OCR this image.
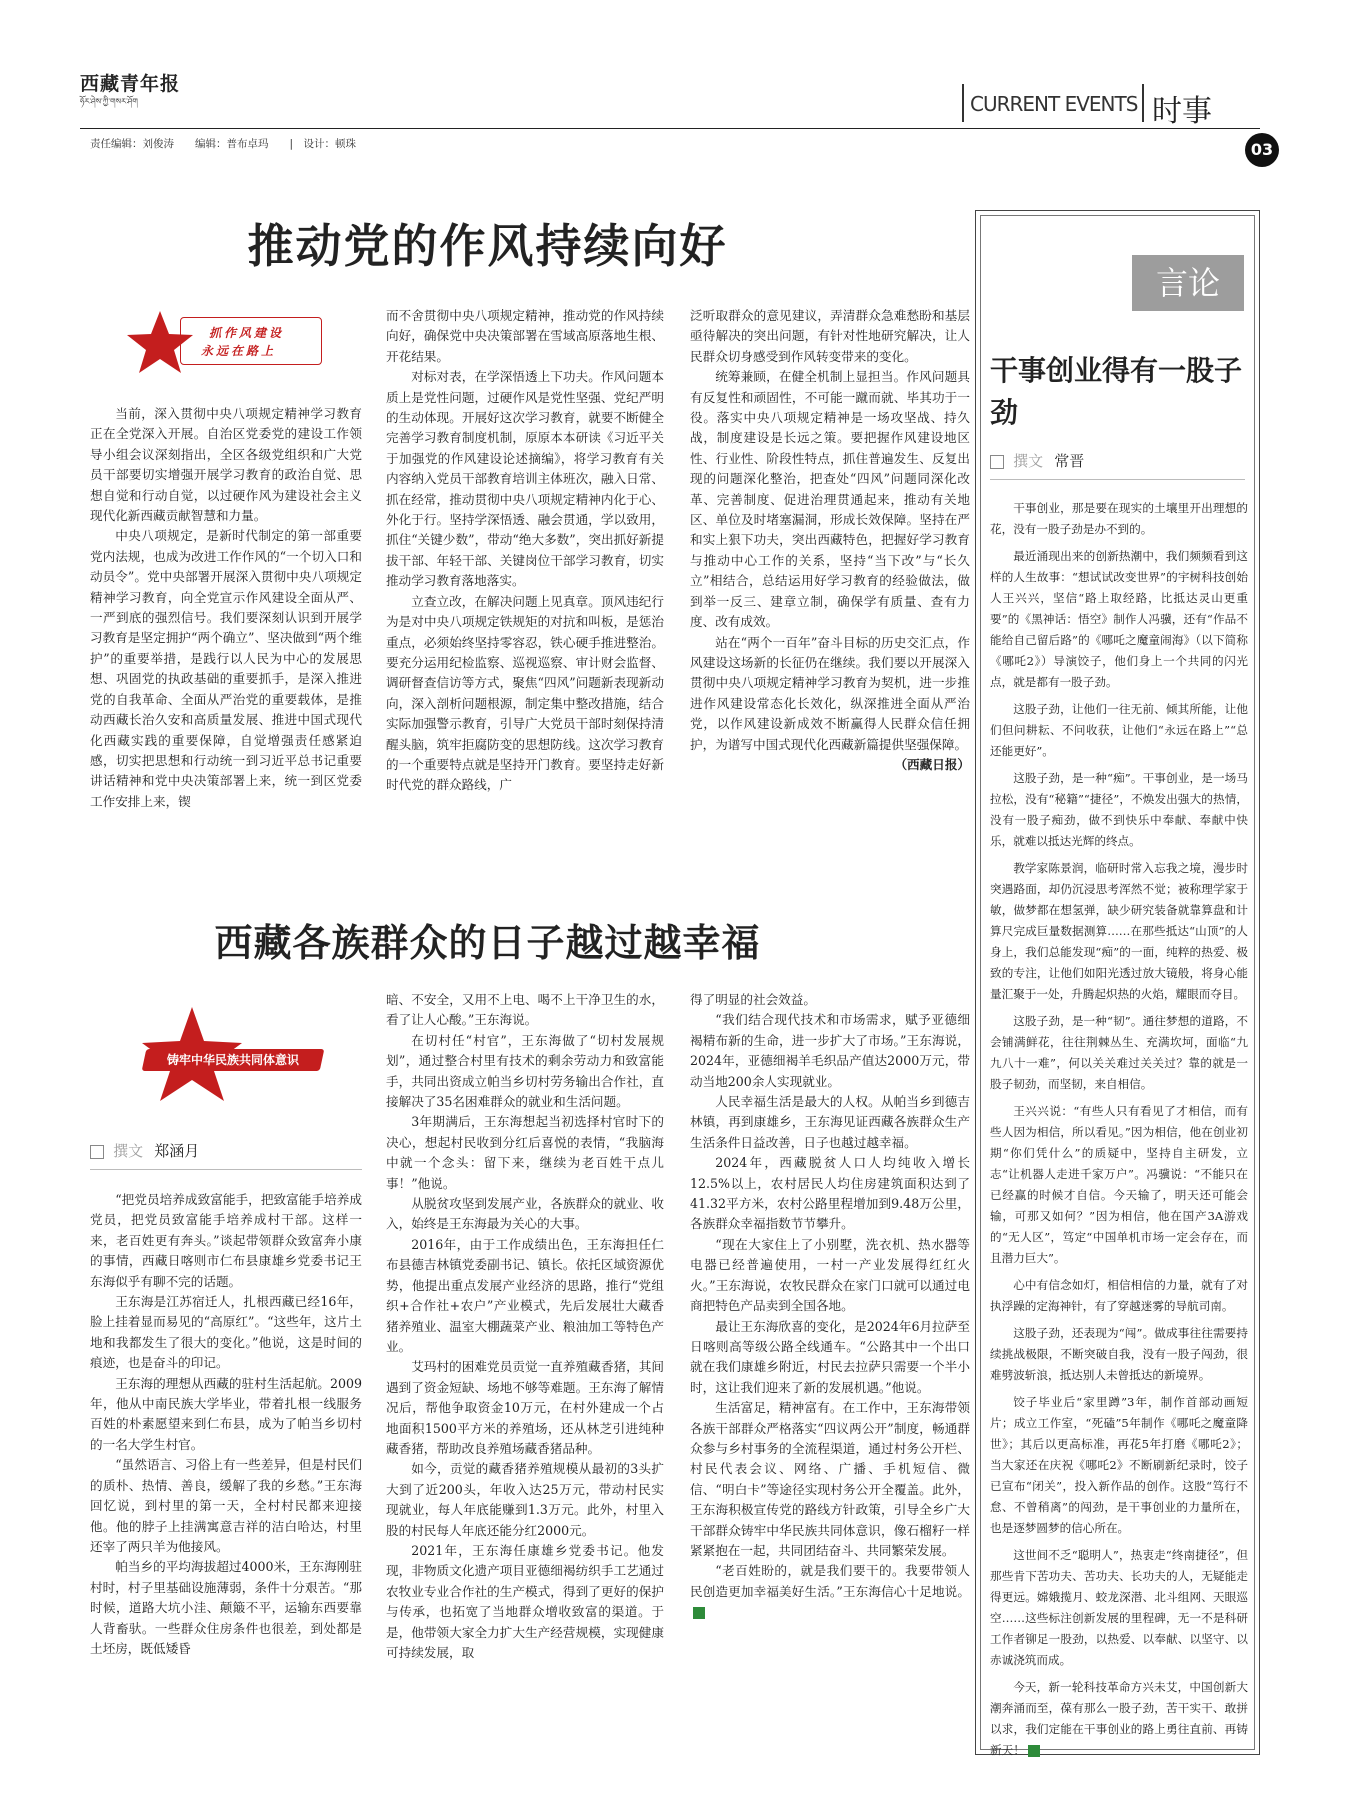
西藏青年报
ཧོར་ཤེས་ཀྱི་གསར་ཤོག
责任编辑：刘俊涛　　编辑：普布卓玛　　|　设计：顿珠
CURRENT EVENTS 时事
03
推动党的作风持续向好
抓作风建设
永远在路上

当前，深入贯彻中央八项规定精神学习教育正在全党深入开展。自治区党委党的建设工作领导小组会议深刻指出，全区各级党组织和广大党员干部要切实增强开展学习教育的政治自觉、思想自觉和行动自觉，以过硬作风为建设社会主义现代化新西藏贡献智慧和力量。

中央八项规定，是新时代制定的第一部重要党内法规，也成为改进工作作风的“一个切入口和动员令”。党中央部署开展深入贯彻中央八项规定精神学习教育，向全党宣示作风建设全面从严、一严到底的强烈信号。我们要深刻认识到开展学习教育是坚定拥护“两个确立”、坚决做到“两个维护”的重要举措，是践行以人民为中心的发展思想、巩固党的执政基础的重要抓手，是深入推进党的自我革命、全面从严治党的重要载体，是推动西藏长治久安和高质量发展、推进中国式现代化西藏实践的重要保障，自觉增强责任感紧迫感，切实把思想和行动统一到习近平总书记重要讲话精神和党中央决策部署上来，统一到区党委工作安排上来，锲

而不舍贯彻中央八项规定精神，推动党的作风持续向好，确保党中央决策部署在雪域高原落地生根、开花结果。

对标对表，在学深悟透上下功夫。作风问题本质上是党性问题，过硬作风是党性坚强、党纪严明的生动体现。开展好这次学习教育，就要不断健全完善学习教育制度机制，原原本本研读《习近平关于加强党的作风建设论述摘编》，将学习教育有关内容纳入党员干部教育培训主体班次，融入日常、抓在经常，推动贯彻中央八项规定精神内化于心、外化于行。坚持学深悟透、融会贯通，学以致用，抓住“关键少数”，带动“绝大多数”，突出抓好新提拔干部、年轻干部、关键岗位干部学习教育，切实推动学习教育落地落实。

立查立改，在解决问题上见真章。顶风违纪行为是对中央八项规定铁规矩的对抗和叫板，是惩治重点，必须始终坚持零容忍，铁心硬手推进整治。要充分运用纪检监察、巡视巡察、审计财会监督、调研督查信访等方式，聚焦“四风”问题新表现新动向，深入剖析问题根源，制定集中整改措施，结合实际加强警示教育，引导广大党员干部时刻保持清醒头脑，筑牢拒腐防变的思想防线。这次学习教育的一个重要特点就是坚持开门教育。要坚持走好新时代党的群众路线，广

泛听取群众的意见建议，弄清群众急难愁盼和基层亟待解决的突出问题，有针对性地研究解决，让人民群众切身感受到作风转变带来的变化。

统筹兼顾，在健全机制上显担当。作风问题具有反复性和顽固性，不可能一蹴而就、毕其功于一役。落实中央八项规定精神是一场攻坚战、持久战，制度建设是长远之策。要把握作风建设地区性、行业性、阶段性特点，抓住普遍发生、反复出现的问题深化整治，把查处“四风”问题同深化改革、完善制度、促进治理贯通起来，推动有关地区、单位及时堵塞漏洞，形成长效保障。坚持在严和实上狠下功夫，突出西藏特色，把握好学习教育与推动中心工作的关系，坚持“当下改”与“长久立”相结合，总结运用好学习教育的经验做法，做到举一反三、建章立制，确保学有质量、查有力度、改有成效。

站在“两个一百年”奋斗目标的历史交汇点，作风建设这场新的长征仍在继续。我们要以开展深入贯彻中央八项规定精神学习教育为契机，进一步推进作风建设常态化长效化，纵深推进全面从严治党，以作风建设新成效不断赢得人民群众信任拥护，为谱写中国式现代化西藏新篇提供坚强保障。

（西藏日报）
西藏各族群众的日子越过越幸福
铸牢中华民族共同体意识
撰文 郑涵月

“把党员培养成致富能手，把致富能手培养成党员，把党员致富能手培养成村干部。这样一来，老百姓更有奔头。”谈起带领群众致富奔小康的事情，西藏日喀则市仁布县康雄乡党委书记王东海似乎有聊不完的话题。

王东海是江苏宿迁人，扎根西藏已经16年，脸上挂着显而易见的“高原红”。“这些年，这片土地和我都发生了很大的变化。”他说，这是时间的痕迹，也是奋斗的印记。

王东海的理想从西藏的驻村生活起航。2009年，他从中南民族大学毕业，带着扎根一线服务百姓的朴素愿望来到仁布县，成为了帕当乡切村的一名大学生村官。

“虽然语言、习俗上有一些差异，但是村民们的质朴、热情、善良，缓解了我的乡愁。”王东海回忆说，到村里的第一天，全村村民都来迎接他。他的脖子上挂满寓意吉祥的洁白哈达，村里还宰了两只羊为他接风。

帕当乡的平均海拔超过4000米，王东海刚驻村时，村子里基础设施薄弱，条件十分艰苦。“那时候，道路大坑小洼、颠簸不平，运输东西要靠人背畜驮。一些群众住房条件也很差，到处都是土坯房，既低矮昏

暗、不安全，又用不上电、喝不上干净卫生的水，看了让人心酸。”王东海说。

在切村任“村官”，王东海做了“切村发展规划”，通过整合村里有技术的剩余劳动力和致富能手，共同出资成立帕当乡切村劳务输出合作社，直接解决了35名困难群众的就业和生活问题。

3年期满后，王东海想起当初选择村官时下的决心，想起村民收到分红后喜悦的表情，“我脑海中就一个念头：留下来，继续为老百姓干点儿事！”他说。

从脱贫攻坚到发展产业，各族群众的就业、收入，始终是王东海最为关心的大事。

2016年，由于工作成绩出色，王东海担任仁布县德吉林镇党委副书记、镇长。依托区域资源优势，他提出重点发展产业经济的思路，推行“党组织+合作社+农户”产业模式，先后发展壮大藏香猪养殖业、温室大棚蔬菜产业、粮油加工等特色产业。

艾玛村的困难党员贡觉一直养殖藏香猪，其间遇到了资金短缺、场地不够等难题。王东海了解情况后，帮他争取资金10万元，在村外建成一个占地面积1500平方米的养殖场，还从林芝引进纯种藏香猪，帮助改良养殖场藏香猪品种。

如今，贡觉的藏香猪养殖规模从最初的3头扩大到了近200头，年收入达25万元，带动村民实现就业，每人年底能赚到1.3万元。此外，村里入股的村民每人年底还能分红2000元。

2021年，王东海任康雄乡党委书记。他发现，非物质文化遗产项目亚德细褐纺织手工艺通过农牧业专业合作社的生产模式，得到了更好的保护与传承，也拓宽了当地群众增收致富的渠道。于是，他带领大家全力扩大生产经营规模，实现健康可持续发展，取

得了明显的社会效益。

“我们结合现代技术和市场需求，赋予亚德细褐精布新的生命，进一步扩大了市场。”王东海说，2024年，亚德细褐羊毛织品产值达2000万元，带动当地200余人实现就业。

人民幸福生活是最大的人权。从帕当乡到德吉林镇，再到康雄乡，王东海见证西藏各族群众生产生活条件日益改善，日子也越过越幸福。

2024年，西藏脱贫人口人均纯收入增长12.5%以上，农村居民人均住房建筑面积达到了41.32平方米，农村公路里程增加到9.48万公里，各族群众幸福指数节节攀升。

“现在大家住上了小别墅，洗衣机、热水器等电器已经普遍使用，一村一产业发展得红红火火。”王东海说，农牧民群众在家门口就可以通过电商把特色产品卖到全国各地。

最让王东海欣喜的变化，是2024年6月拉萨至日喀则高等级公路全线通车。“公路其中一个出口就在我们康雄乡附近，村民去拉萨只需要一个半小时，这让我们迎来了新的发展机遇。”他说。

生活富足，精神富有。在工作中，王东海带领各族干部群众严格落实“四议两公开”制度，畅通群众参与乡村事务的全流程渠道，通过村务公开栏、村民代表会议、网络、广播、手机短信、微信、“明白卡”等途径实现村务公开全覆盖。此外，王东海积极宣传党的路线方针政策，引导全乡广大干部群众铸牢中华民族共同体意识，像石榴籽一样紧紧抱在一起，共同团结奋斗、共同繁荣发展。

“老百姓盼的，就是我们要干的。我要带领人民创造更加幸福美好生活。”王东海信心十足地说。

言论
干事创业得有一股子劲
撰文 常晋

干事创业，那是要在现实的土壤里开出理想的花，没有一股子劲是办不到的。

最近涌现出来的创新热潮中，我们频频看到这样的人生故事：“想试试改变世界”的宇树科技创始人王兴兴，坚信“路上取经路，比抵达灵山更重要”的《黑神话：悟空》制作人冯骥，还有“作品不能给自己留后路”的《哪吒之魔童闹海》（以下简称《哪吒2》）导演饺子，他们身上一个共同的闪光点，就是都有一股子劲。

这股子劲，让他们一往无前、倾其所能，让他们但问耕耘、不问收获，让他们“永远在路上”“总还能更好”。

这股子劲，是一种“痴”。干事创业，是一场马拉松，没有“秘籍”“捷径”，不焕发出强大的热情，没有一股子痴劲，做不到快乐中奉献、奉献中快乐，就难以抵达光辉的终点。

教学家陈景润，临研时常入忘我之境，漫步时突遇路面，却仍沉浸思考浑然不觉；被称理学家于敏，做梦都在想氢弹，缺少研究装备就靠算盘和计算尺完成巨量数据测算……在那些抵达“山顶”的人身上，我们总能发现“痴”的一面，纯粹的热爱、极致的专注，让他们如阳光透过放大镜般，将身心能量汇聚于一处，升腾起炽热的火焰，耀眼而夺目。

这股子劲，是一种“韧”。通往梦想的道路，不会铺满鲜花，往往荆棘丛生、充满坎坷，面临“九九八十一难”，何以关关难过关关过？靠的就是一股子韧劲，而坚韧，来自相信。

王兴兴说：“有些人只有看见了才相信，而有些人因为相信，所以看见。”因为相信，他在创业初期“你们凭什么”的质疑中，坚持自主研发，立志“让机器人走进千家万户”。冯骥说：“不能只在已经赢的时候才自信。今天输了，明天还可能会输，可那又如何？”因为相信，他在国产3A游戏的“无人区”，笃定“中国单机市场一定会存在，而且潜力巨大”。

心中有信念如灯，相信相信的力量，就有了对执浮躁的定海神针，有了穿越迷雾的导航司南。

这股子劲，还表现为“闯”。做成事往往需要持续挑战极限，不断突破自我，没有一股子闯劲，很难劈波斩浪，抵达别人未曾抵达的新境界。

饺子毕业后“家里蹲”3年，制作首部动画短片；成立工作室，“死磕”5年制作《哪吒之魔童降世》；其后以更高标准，再花5年打磨《哪吒2》；当大家还在庆祝《哪吒2》不断刷新纪录时，饺子已宣布“闭关”，投入新作品的创作。这股“笃行不怠、不曾稍离”的闯劲，是干事创业的力量所在，也是逐梦圆梦的信心所在。

这世间不乏“聪明人”，热衷走“终南捷径”，但那些肯下苦功夫、苦功夫、长功夫的人，无疑能走得更远。嫦娥揽月、蛟龙深潜、北斗组网、天眼巡空……这些标注创新发展的里程碑，无一不是科研工作者铆足一股劲，以热爱、以奉献、以坚守、以赤诚浇筑而成。

今天，新一轮科技革命方兴未艾，中国创新大潮奔涌而至，葆有那么一股子劲，苦干实干、敢拼以求，我们定能在干事创业的路上勇往直前、再铸新天！
